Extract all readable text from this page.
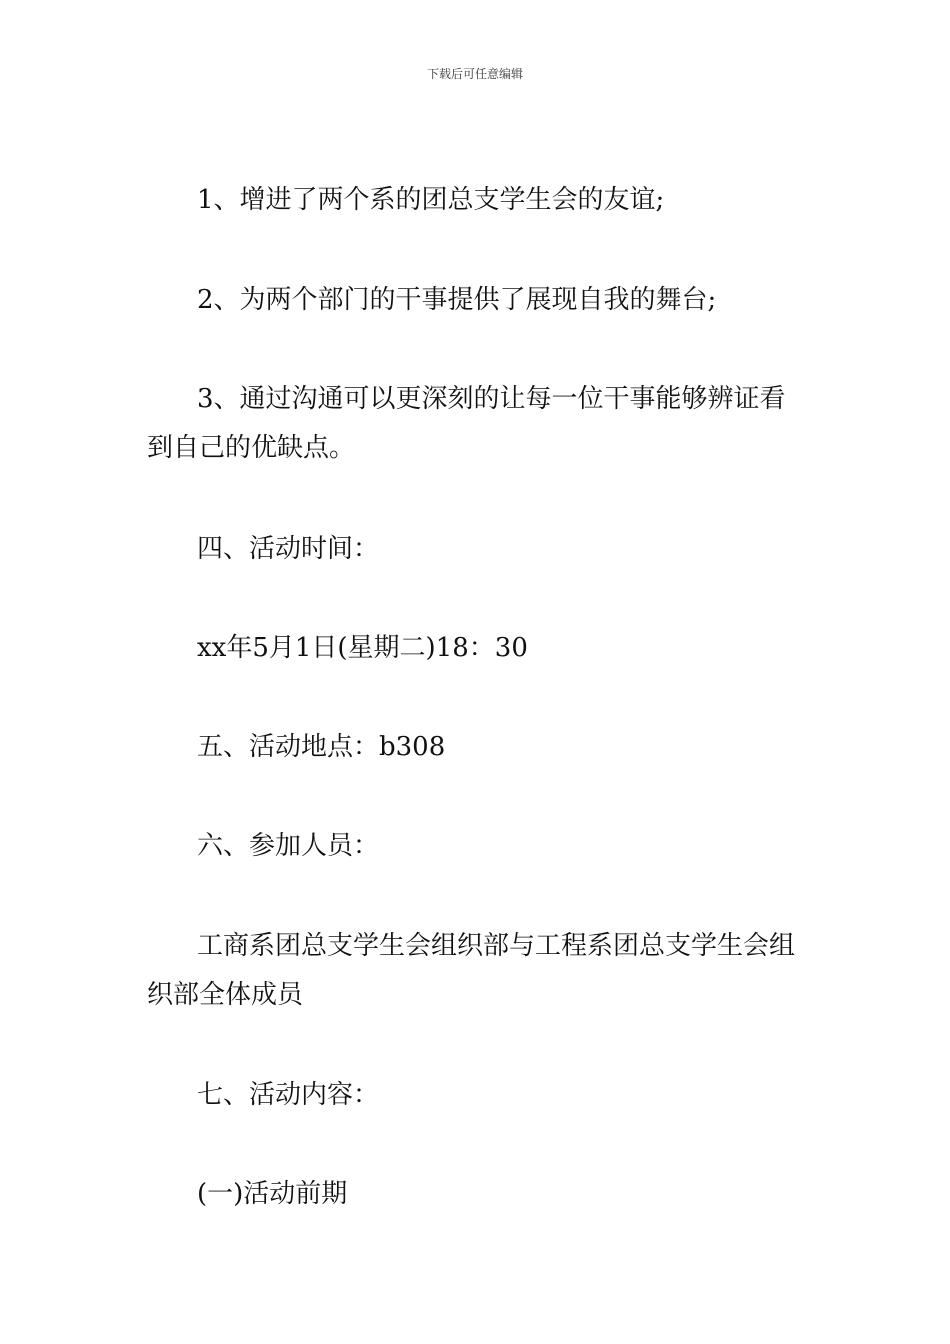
下载后可任意编辑

1、增进了两个系的团总支学生会的友谊;

2、为两个部门的干事提供了展现自我的舞台;

3、通过沟通可以更深刻的让每一位干事能够辨证看到自己的优缺点。

四、活动时间：

xx年5月1日(星期二)18：30

五、活动地点：b308

六、参加人员：

工商系团总支学生会组织部与工程系团总支学生会组织部全体成员

七、活动内容：

(一)活动前期
